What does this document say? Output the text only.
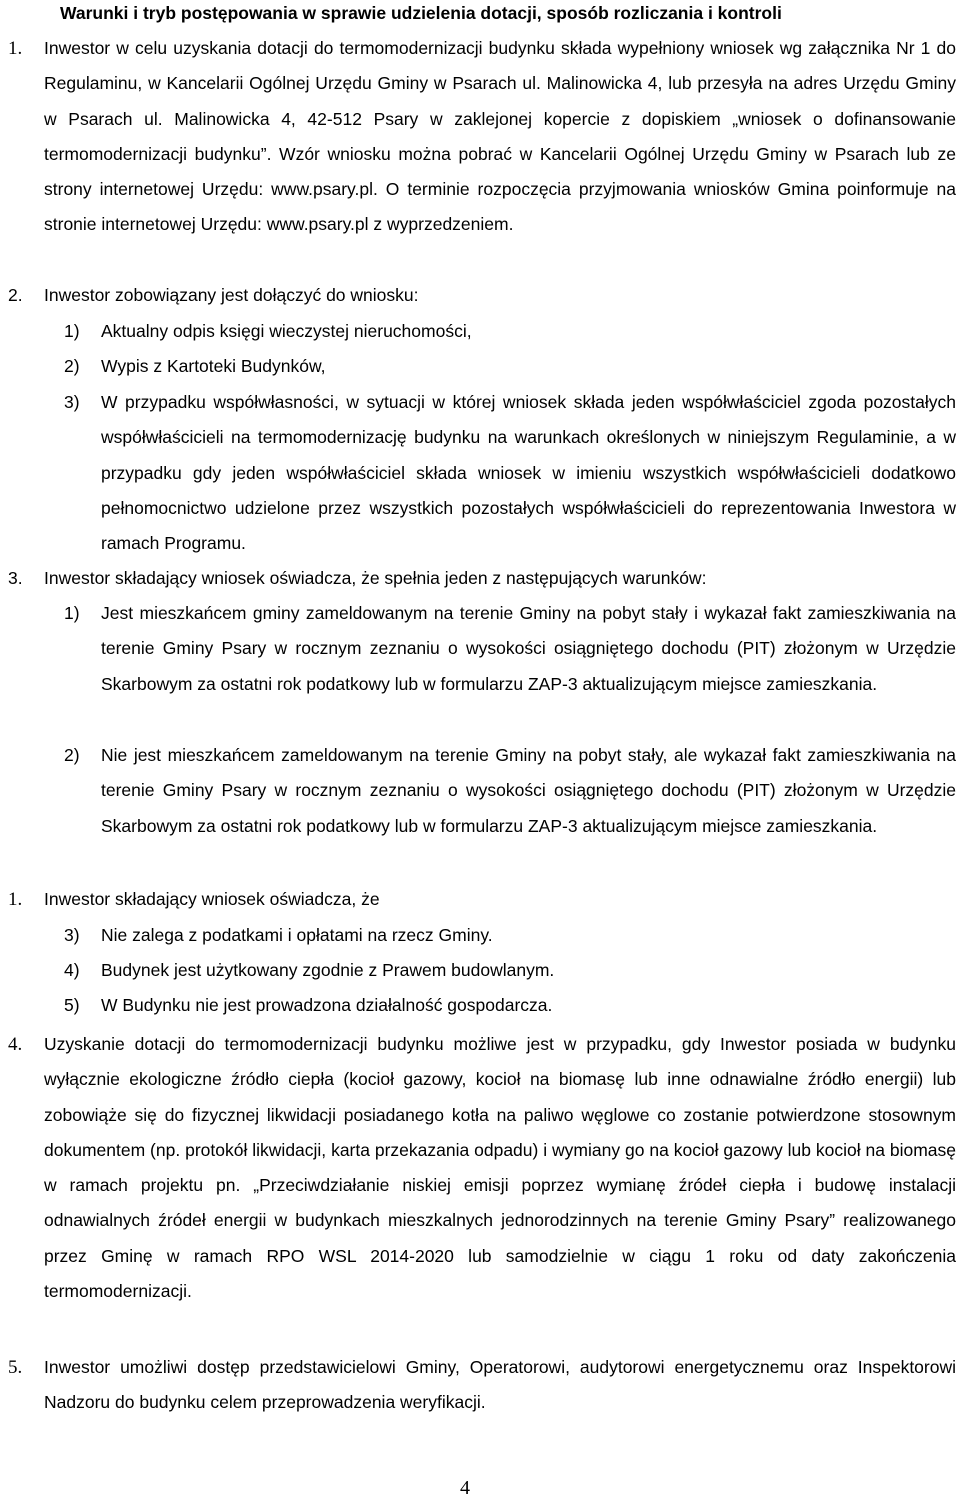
Warunki i tryb postępowania w sprawie udzielenia dotacji, sposób rozliczania i kontroli
1.	Inwestor w celu uzyskania dotacji do termomodernizacji budynku składa wypełniony wniosek wg załącznika Nr 1 do Regulaminu, w Kancelarii Ogólnej Urzędu Gminy w Psarach ul. Malinowicka 4, lub przesyła na adres Urzędu Gminy w Psarach ul. Malinowicka 4, 42-512 Psary w zaklejonej kopercie z dopiskiem „wniosek o dofinansowanie termomodernizacji budynku”. Wzór wniosku można pobrać w Kancelarii Ogólnej Urzędu Gminy w Psarach lub ze strony internetowej Urzędu: www.psary.pl. O terminie rozpoczęcia przyjmowania wniosków Gmina poinformuje na stronie internetowej Urzędu: www.psary.pl z wyprzedzeniem.
2.	Inwestor zobowiązany jest dołączyć do wniosku:
1)	Aktualny odpis księgi wieczystej nieruchomości,
2)	Wypis z Kartoteki Budynków,
3)	W przypadku współwłasności, w sytuacji w której wniosek składa jeden współwłaściciel zgoda pozostałych współwłaścicieli na termomodernizację budynku na warunkach określonych w niniejszym Regulaminie, a w przypadku gdy jeden współwłaściciel składa wniosek w imieniu wszystkich współwłaścicieli dodatkowo pełnomocnictwo udzielone przez wszystkich pozostałych współwłaścicieli do reprezentowania Inwestora w ramach Programu.
3.	Inwestor składający wniosek oświadcza, że spełnia jeden z następujących warunków:
1)	Jest mieszkańcem gminy zameldowanym na terenie Gminy na pobyt stały i wykazał fakt zamieszkiwania na terenie Gminy Psary w rocznym zeznaniu o wysokości osiągniętego dochodu (PIT) złożonym w Urzędzie Skarbowym za ostatni rok podatkowy lub w formularzu ZAP-3 aktualizującym miejsce zamieszkania.
2)	Nie jest mieszkańcem zameldowanym na terenie Gminy na pobyt stały, ale wykazał fakt zamieszkiwania na terenie Gminy Psary w rocznym zeznaniu o wysokości osiągniętego dochodu (PIT) złożonym w Urzędzie Skarbowym za ostatni rok podatkowy lub w formularzu ZAP-3 aktualizującym miejsce zamieszkania.
1.	Inwestor składający wniosek oświadcza, że
3)	Nie zalega z podatkami i opłatami na rzecz Gminy.
4)	Budynek jest użytkowany zgodnie z Prawem budowlanym.
5)	W Budynku nie jest prowadzona działalność gospodarcza.
4.	Uzyskanie dotacji do termomodernizacji budynku możliwe jest w przypadku, gdy Inwestor posiada w budynku wyłącznie ekologiczne źródło ciepła (kocioł gazowy, kocioł na biomasę lub inne odnawialne źródło energii) lub zobowiąże się do fizycznej likwidacji posiadanego kotła na paliwo węglowe co zostanie potwierdzone stosownym dokumentem (np. protokół likwidacji, karta przekazania odpadu) i wymiany go na kocioł gazowy lub kocioł na biomasę w ramach projektu pn. „Przeciwdziałanie niskiej emisji poprzez wymianę źródeł ciepła i budowę instalacji odnawialnych źródeł energii w budynkach mieszkalnych jednorodzinnych na terenie Gminy Psary” realizowanego przez Gminę w ramach RPO WSL 2014-2020 lub samodzielnie w ciągu 1 roku od daty zakończenia termomodernizacji.
5.	Inwestor umożliwi dostęp przedstawicielowi Gminy, Operatorowi, audytorowi energetycznemu oraz Inspektorowi Nadzoru do budynku celem przeprowadzenia weryfikacji.
4
